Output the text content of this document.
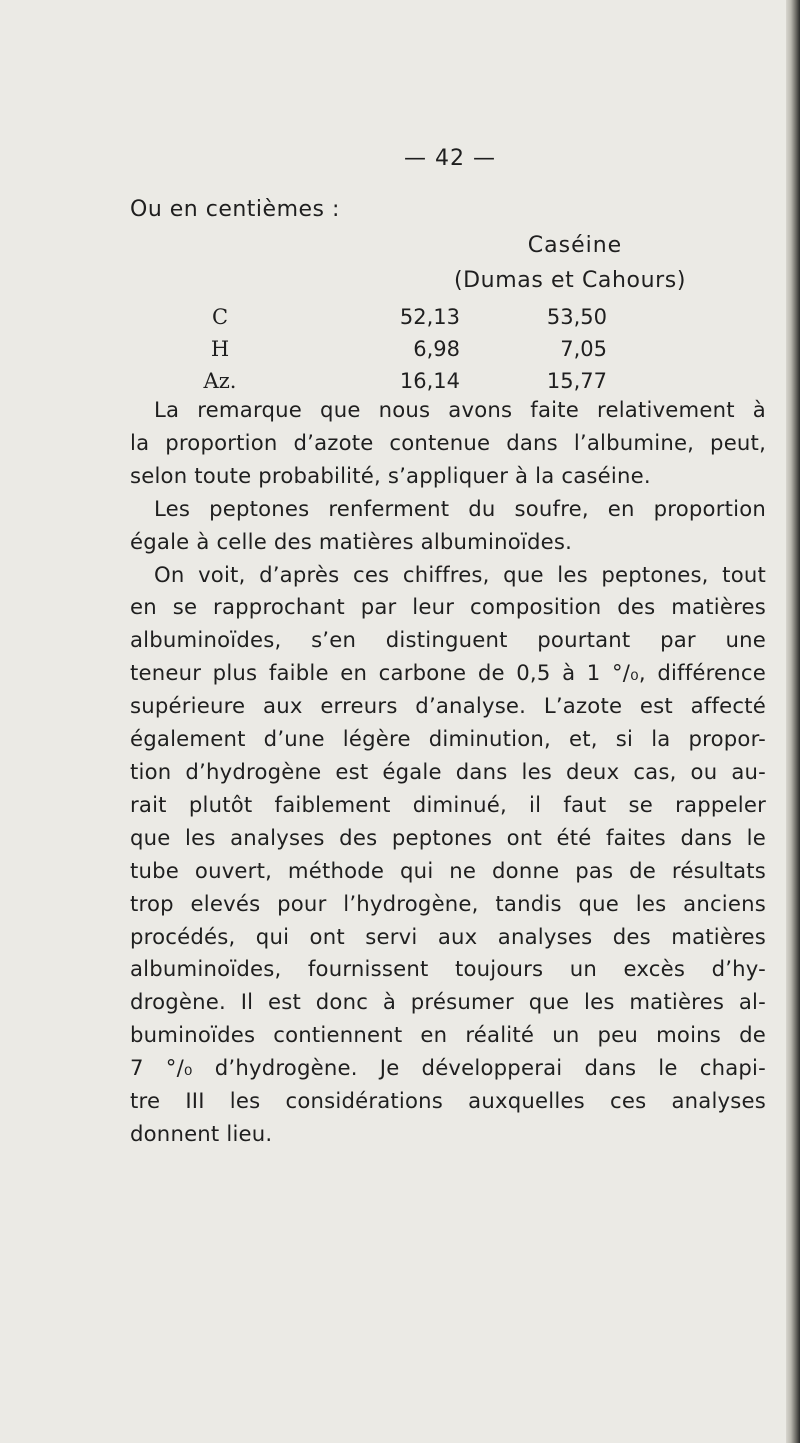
— 42 —
Ou en centièmes :
Caséine
(Dumas et Cahours)
C	52,13	53,50
H	6,98	7,05
Az.	16,14	15,77
La remarque que nous avons faite relativement à
la proportion d’azote contenue dans l’albumine, peut,
selon toute probabilité, s’appliquer à la caséine.
Les peptones renferment du soufre, en proportion
égale à celle des matières albuminoïdes.
On voit, d’après ces chiffres, que les peptones, tout
en se rapprochant par leur composition des matières
albuminoïdes, s’en distinguent pourtant par une
teneur plus faible en carbone de 0,5 à 1 °/₀, différence
supérieure aux erreurs d’analyse. L’azote est affecté
également d’une légère diminution, et, si la propor-
tion d’hydrogène est égale dans les deux cas, ou au-
rait plutôt faiblement diminué, il faut se rappeler
que les analyses des peptones ont été faites dans le
tube ouvert, méthode qui ne donne pas de résultats
trop elevés pour l’hydrogène, tandis que les anciens
procédés, qui ont servi aux analyses des matières
albuminoïdes, fournissent toujours un excès d’hy-
drogène. Il est donc à présumer que les matières al-
buminoïdes contiennent en réalité un peu moins de
7 °/₀ d’hydrogène. Je développerai dans le chapi-
tre III les considérations auxquelles ces analyses
donnent lieu.
